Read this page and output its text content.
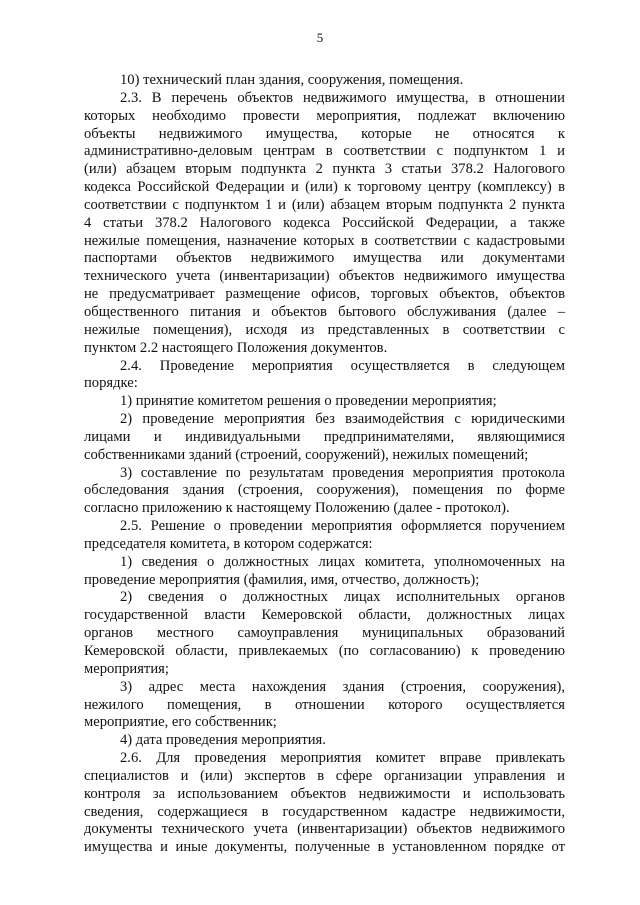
5
10) технический план здания, сооружения, помещения.
2.3. В перечень объектов недвижимого имущества, в отношении
которых необходимо провести мероприятия, подлежат включению
объекты недвижимого имущества, которые не относятся к
административно-деловым центрам в соответствии с подпунктом 1 и
(или) абзацем вторым подпункта 2 пункта 3 статьи 378.2 Налогового
кодекса Российской Федерации и (или) к торговому центру (комплексу) в
соответствии с подпунктом 1 и (или) абзацем вторым подпункта 2 пункта
4 статьи 378.2 Налогового кодекса Российской Федерации, а также
нежилые помещения, назначение которых в соответствии с кадастровыми
паспортами объектов недвижимого имущества или документами
технического учета (инвентаризации) объектов недвижимого имущества
не предусматривает размещение офисов, торговых объектов, объектов
общественного питания и объектов бытового обслуживания (далее –
нежилые помещения), исходя из представленных в соответствии с
пунктом 2.2 настоящего Положения документов.
2.4. Проведение мероприятия осуществляется в следующем
порядке:
1) принятие комитетом решения о проведении мероприятия;
2) проведение мероприятия без взаимодействия с юридическими
лицами и индивидуальными предпринимателями, являющимися
собственниками зданий (строений, сооружений), нежилых помещений;
3) составление по результатам проведения мероприятия протокола
обследования здания (строения, сооружения), помещения по форме
согласно приложению к настоящему Положению (далее - протокол).
2.5. Решение о проведении мероприятия оформляется поручением
председателя комитета, в котором содержатся:
1) сведения о должностных лицах комитета, уполномоченных на
проведение мероприятия (фамилия, имя, отчество, должность);
2) сведения о должностных лицах исполнительных органов
государственной власти Кемеровской области, должностных лицах
органов местного самоуправления муниципальных образований
Кемеровской области, привлекаемых (по согласованию) к проведению
мероприятия;
3) адрес места нахождения здания (строения, сооружения),
нежилого помещения, в отношении которого осуществляется
мероприятие, его собственник;
4) дата проведения мероприятия.
2.6. Для проведения мероприятия комитет вправе привлекать
специалистов и (или) экспертов в сфере организации управления и
контроля за использованием объектов недвижимости и использовать
сведения, содержащиеся в государственном кадастре недвижимости,
документы технического учета (инвентаризации) объектов недвижимого
имущества и иные документы, полученные в установленном порядке от
